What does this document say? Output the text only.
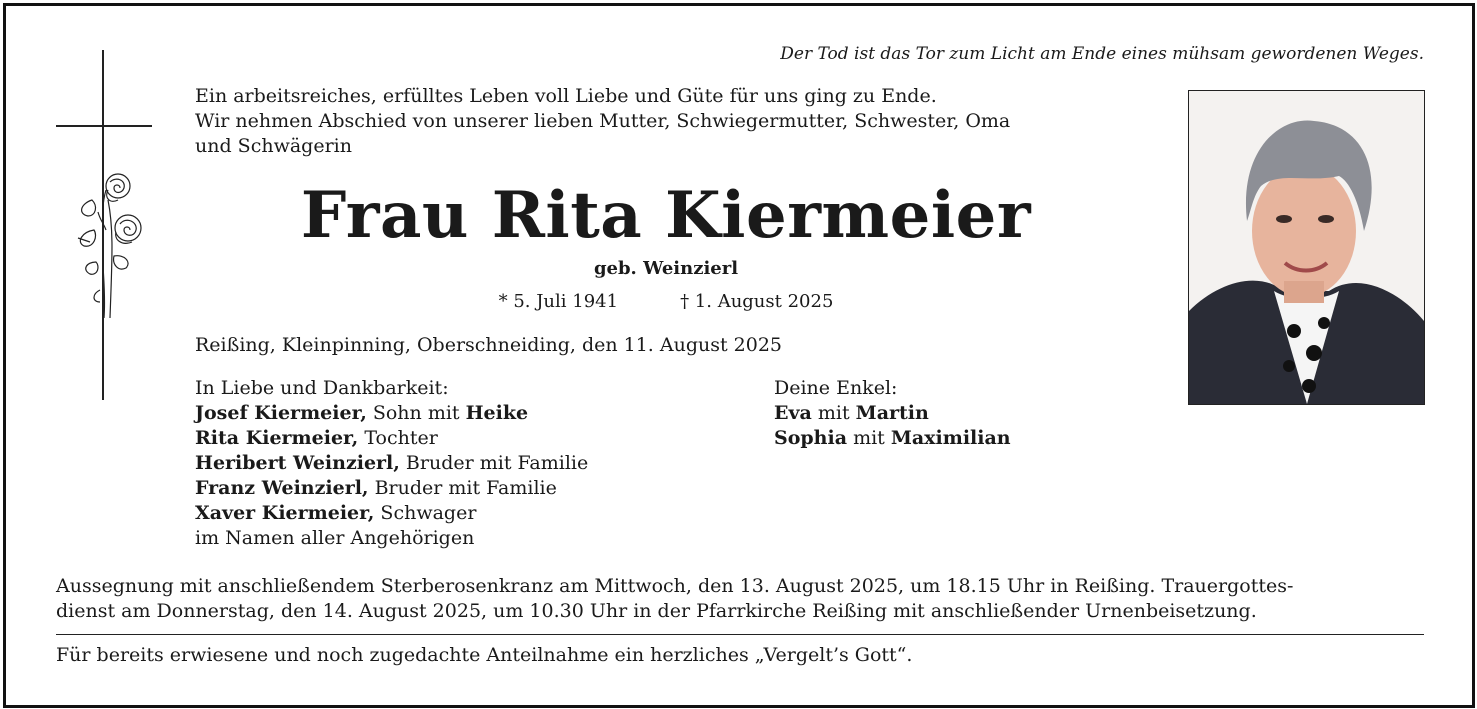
Der Tod ist das Tor zum Licht am Ende eines mühsam gewordenen Weges.
Ein arbeitsreiches, erfülltes Leben voll Liebe und Güte für uns ging zu Ende.
Wir nehmen Abschied von unserer lieben Mutter, Schwiegermutter, Schwester, Oma
und Schwägerin
Frau Rita Kiermeier
geb. Weinzierl
* 5. Juli 1941	† 1. August 2025
Reißing, Kleinpinning, Oberschneiding, den 11. August 2025
In Liebe und Dankbarkeit:
Josef Kiermeier, Sohn mit Heike
Rita Kiermeier, Tochter
Heribert Weinzierl, Bruder mit Familie
Franz Weinzierl, Bruder mit Familie
Xaver Kiermeier, Schwager
im Namen aller Angehörigen
Deine Enkel:
Eva mit Martin
Sophia mit Maximilian
Aussegnung mit anschließendem Sterberosenkranz am Mittwoch, den 13. August 2025, um 18.15 Uhr in Reißing. Trauergottes-
dienst am Donnerstag, den 14. August 2025, um 10.30 Uhr in der Pfarrkirche Reißing mit anschließender Urnenbeisetzung.
Für bereits erwiesene und noch zugedachte Anteilnahme ein herzliches „Vergelt’s Gott“.
